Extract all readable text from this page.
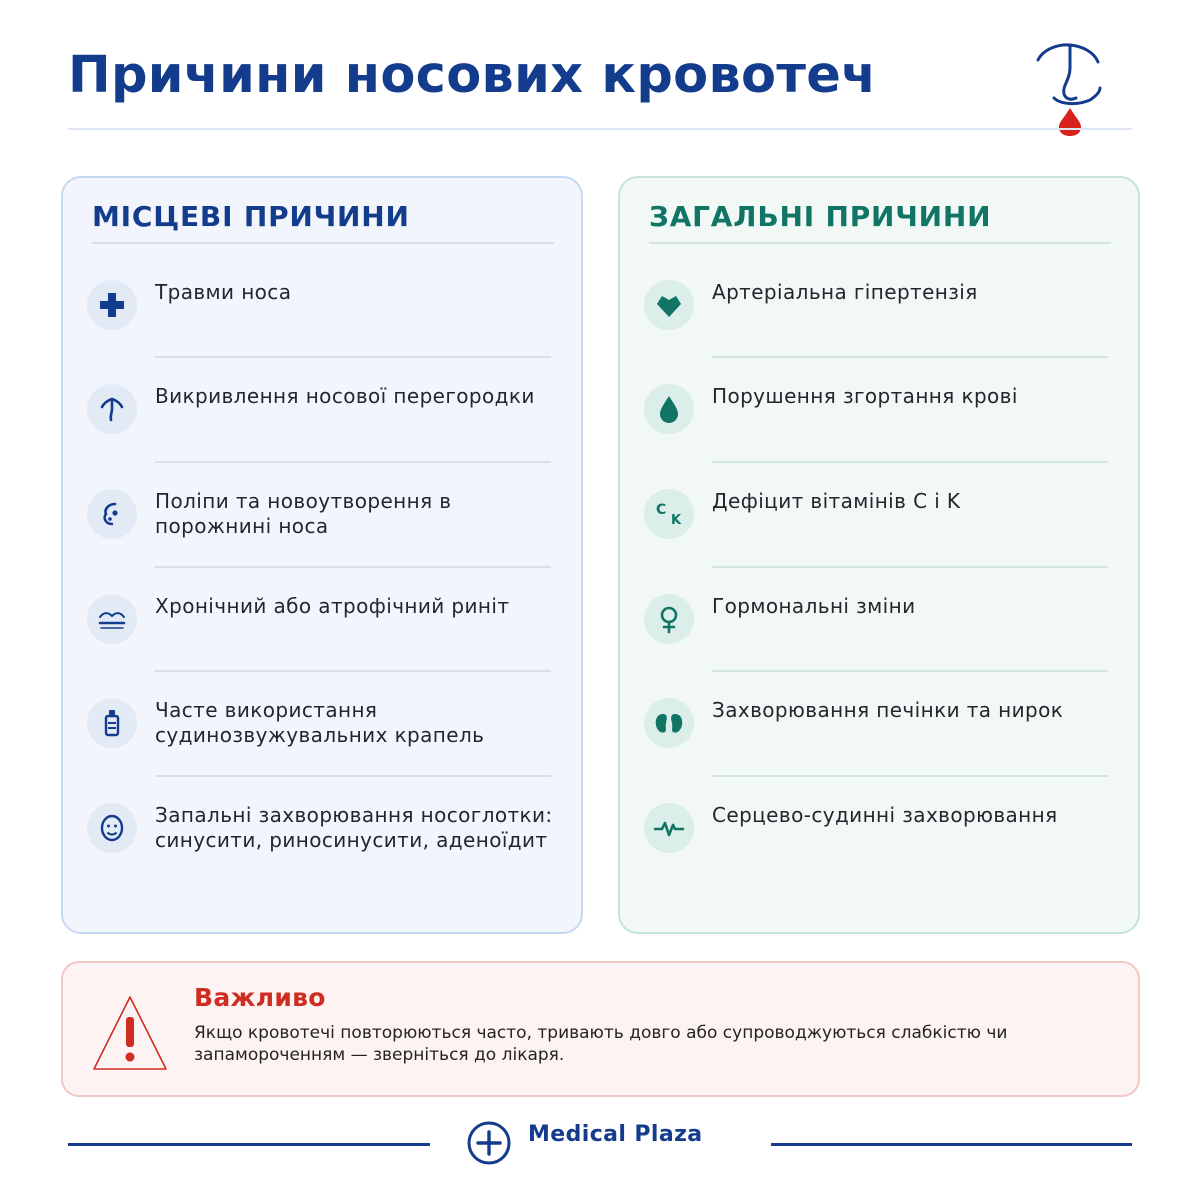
Причини носових кровотеч
МІСЦЕВІ ПРИЧИНИ
Травми носа
Викривлення носової перегородки
Поліпи та новоутворення в порожнині носа
Хронічний або атрофічний риніт
Часте використання судинозвужувальних крапель
Запальні захворювання носоглотки: синусити, риносинусити, аденоїдит
ЗАГАЛЬНІ ПРИЧИНИ
Артеріальна гіпертензія
Порушення згортання крові
C
K
Дефіцит вітамінів C і K
Гормональні зміни
Захворювання печінки та нирок
Серцево-судинні захворювання
Важливо
Якщо кровотечі повторюються часто, тривають довго або супроводжуються слабкістю чи запамороченням — зверніться до лікаря.
Medical Plaza
